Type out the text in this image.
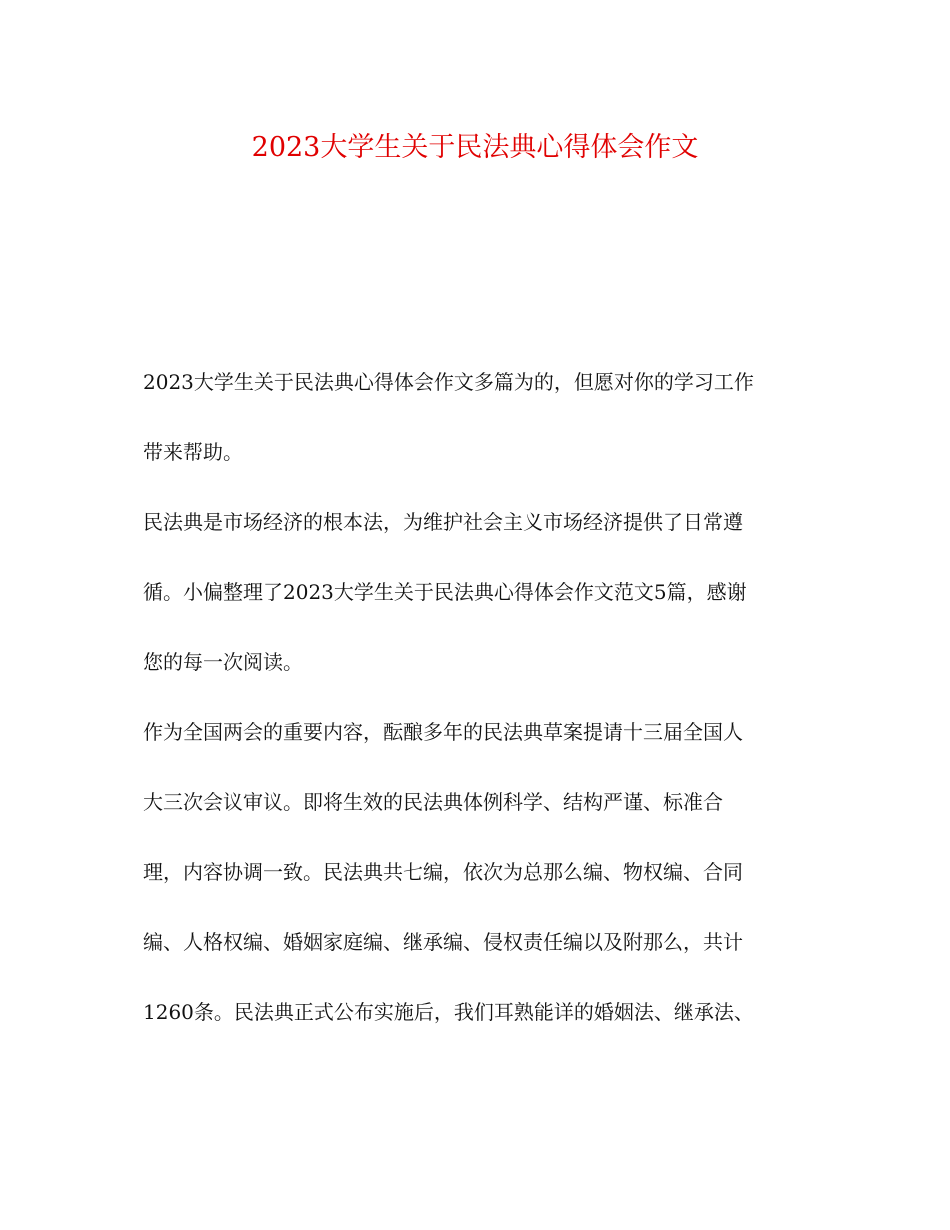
2023大学生关于民法典心得体会作文
2023大学生关于民法典心得体会作文多篇为的，但愿对你的学习工作
带来帮助。
民法典是市场经济的根本法，为维护社会主义市场经济提供了日常遵
循。小偏整理了2023大学生关于民法典心得体会作文范文5篇，感谢
您的每一次阅读。
作为全国两会的重要内容，酝酿多年的民法典草案提请十三届全国人
大三次会议审议。即将生效的民法典体例科学、结构严谨、标准合
理，内容协调一致。民法典共七编，依次为总那么编、物权编、合同
编、人格权编、婚姻家庭编、继承编、侵权责任编以及附那么，共计
1260条。民法典正式公布实施后，我们耳熟能详的婚姻法、继承法、
